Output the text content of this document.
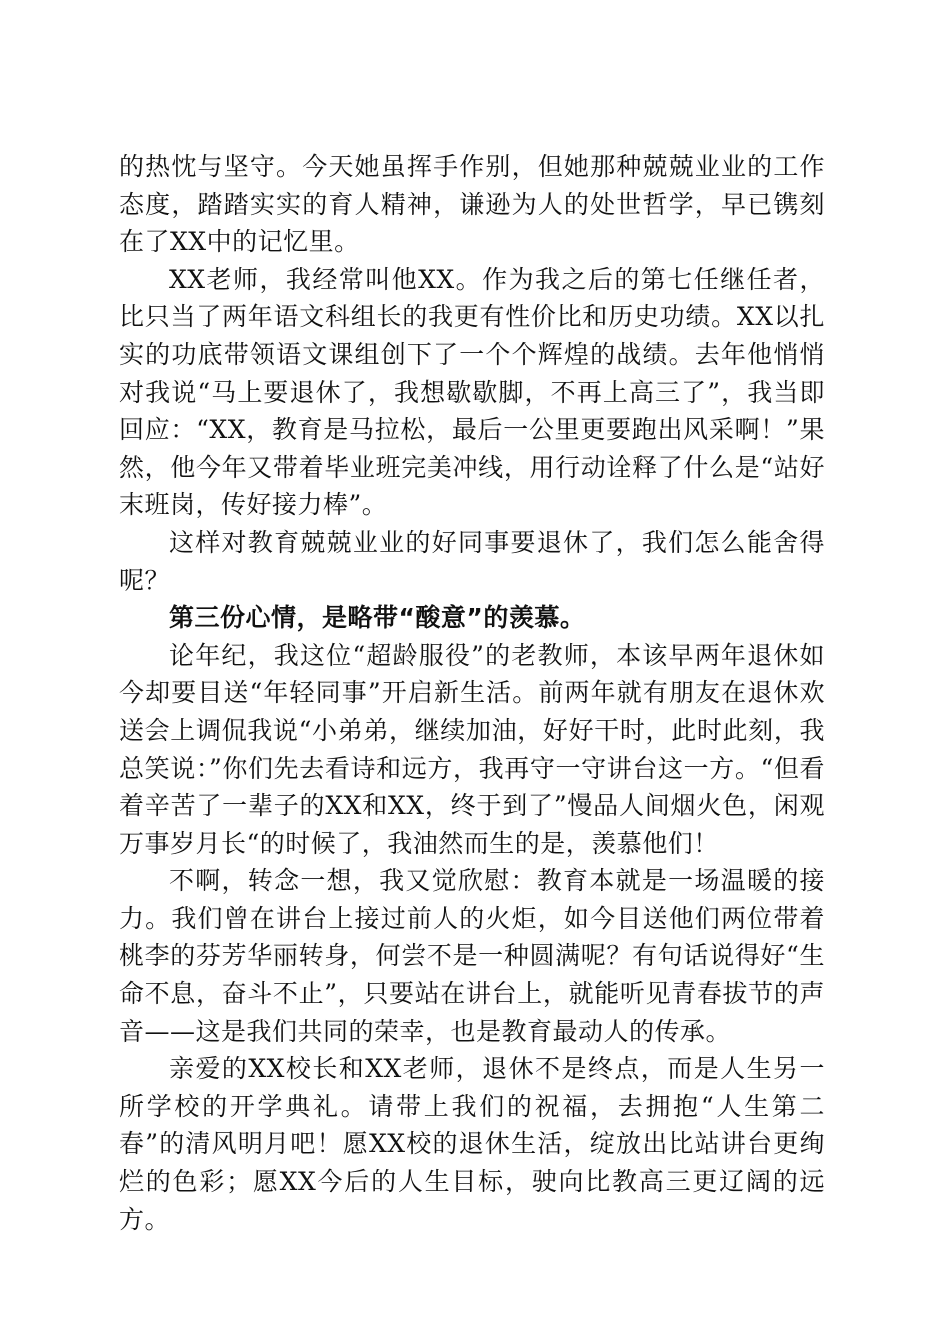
的热忱与坚守。今天她虽挥手作别，但她那种兢兢业业的工作态度，踏踏实实的育人精神，谦逊为人的处世哲学，早已镌刻在了XX中的记忆里。

XX老师，我经常叫他XX。作为我之后的第七任继任者，比只当了两年语文科组长的我更有性价比和历史功绩。XX以扎实的功底带领语文课组创下了一个个辉煌的战绩。去年他悄悄对我说“马上要退休了，我想歇歇脚，不再上高三了”，我当即回应：“XX，教育是马拉松，最后一公里更要跑出风采啊！”果然，他今年又带着毕业班完美冲线，用行动诠释了什么是“站好末班岗，传好接力棒”。

这样对教育兢兢业业的好同事要退休了，我们怎么能舍得呢？

第三份心情，是略带“酸意”的羡慕。

论年纪，我这位“超龄服役”的老教师，本该早两年退休如今却要目送“年轻同事”开启新生活。前两年就有朋友在退休欢送会上调侃我说“小弟弟，继续加油，好好干时，此时此刻，我总笑说：”你们先去看诗和远方，我再守一守讲台这一方。“但看着辛苦了一辈子的XX和XX，终于到了”慢品人间烟火色，闲观万事岁月长“的时候了，我油然而生的是，羡慕他们！

不啊，转念一想，我又觉欣慰：教育本就是一场温暖的接力。我们曾在讲台上接过前人的火炬，如今目送他们两位带着桃李的芬芳华丽转身，何尝不是一种圆满呢？有句话说得好“生命不息，奋斗不止”，只要站在讲台上，就能听见青春拔节的声音——这是我们共同的荣幸，也是教育最动人的传承。

亲爱的XX校长和XX老师，退休不是终点，而是人生另一所学校的开学典礼。请带上我们的祝福，去拥抱“人生第二春”的清风明月吧！愿XX校的退休生活，绽放出比站讲台更绚烂的色彩；愿XX今后的人生目标，驶向比教高三更辽阔的远方。
